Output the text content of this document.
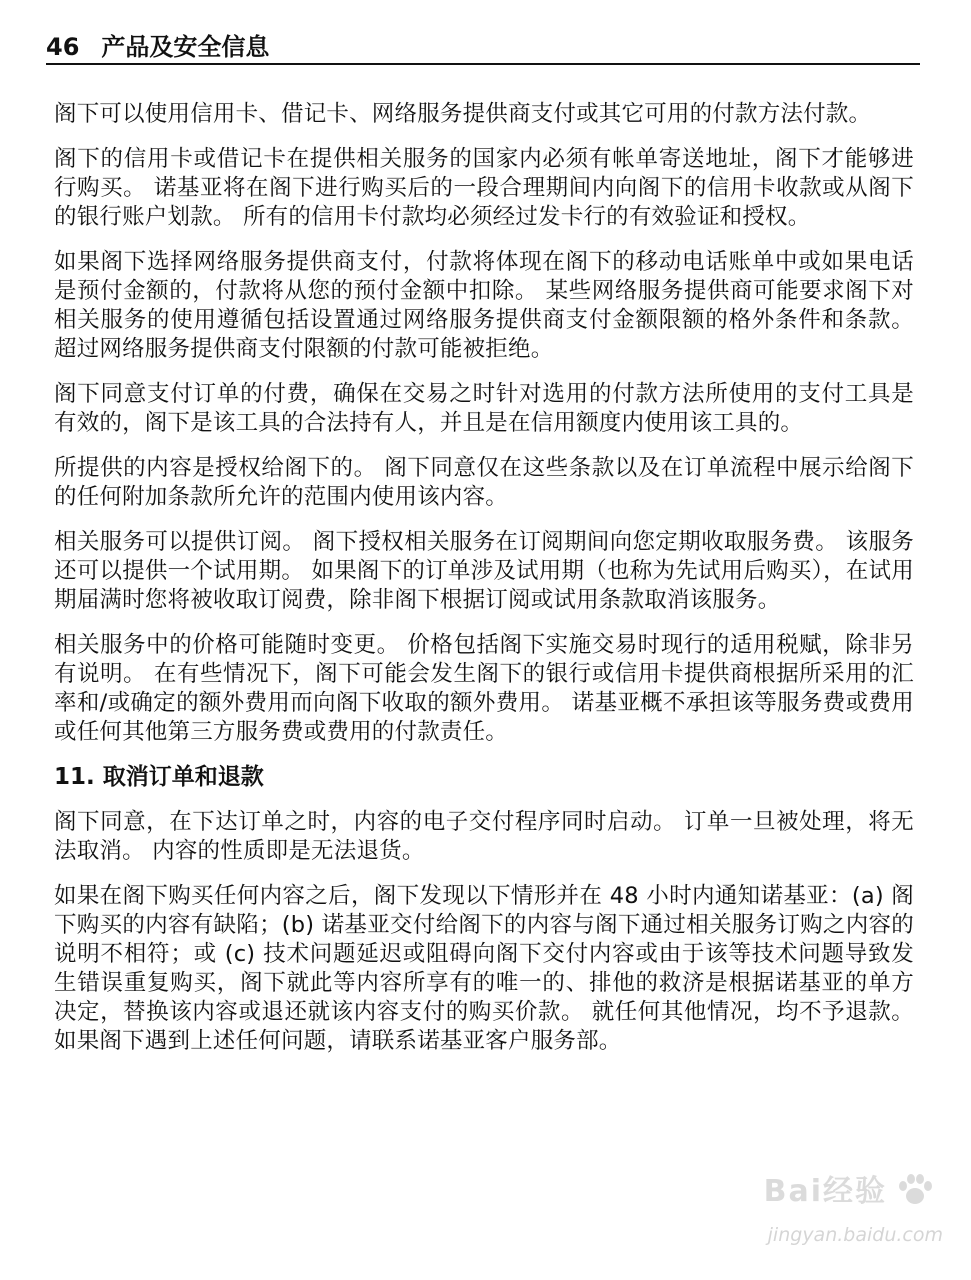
46 产品及安全信息

阁下可以使用信用卡、借记卡、网络服务提供商支付或其它可用的付款方法付款。

阁下的信用卡或借记卡在提供相关服务的国家内必须有帐单寄送地址，阁下才能够进行购买。 诺基亚将在阁下进行购买后的一段合理期间内向阁下的信用卡收款或从阁下的银行账户划款。 所有的信用卡付款均必须经过发卡行的有效验证和授权。

如果阁下选择网络服务提供商支付，付款将体现在阁下的移动电话账单中或如果电话是预付金额的，付款将从您的预付金额中扣除。 某些网络服务提供商可能要求阁下对相关服务的使用遵循包括设置通过网络服务提供商支付金额限额的格外条件和条款。 超过网络服务提供商支付限额的付款可能被拒绝。

阁下同意支付订单的付费，确保在交易之时针对选用的付款方法所使用的支付工具是有效的，阁下是该工具的合法持有人，并且是在信用额度内使用该工具的。

所提供的内容是授权给阁下的。 阁下同意仅在这些条款以及在订单流程中展示给阁下的任何附加条款所允许的范围内使用该内容。

相关服务可以提供订阅。 阁下授权相关服务在订阅期间向您定期收取服务费。 该服务还可以提供一个试用期。 如果阁下的订单涉及试用期（也称为先试用后购买），在试用期届满时您将被收取订阅费，除非阁下根据订阅或试用条款取消该服务。

相关服务中的价格可能随时变更。 价格包括阁下实施交易时现行的适用税赋，除非另有说明。 在有些情况下，阁下可能会发生阁下的银行或信用卡提供商根据所采用的汇率和/或确定的额外费用而向阁下收取的额外费用。 诺基亚概不承担该等服务费或费用或任何其他第三方服务费或费用的付款责任。

11. 取消订单和退款

阁下同意，在下达订单之时，内容的电子交付程序同时启动。 订单一旦被处理，将无法取消。 内容的性质即是无法退货。

如果在阁下购买任何内容之后，阁下发现以下情形并在 48 小时内通知诺基亚：(a) 阁下购买的内容有缺陷；(b) 诺基亚交付给阁下的内容与阁下通过相关服务订购之内容的说明不相符；或 (c) 技术问题延迟或阻碍向阁下交付内容或由于该等技术问题导致发生错误重复购买，阁下就此等内容所享有的唯一的、排他的救济是根据诺基亚的单方决定，替换该内容或退还就该内容支付的购买价款。 就任何其他情况，均不予退款。 如果阁下遇到上述任何问题，请联系诺基亚客户服务部。

Bai经验
jingyan.baidu.com
